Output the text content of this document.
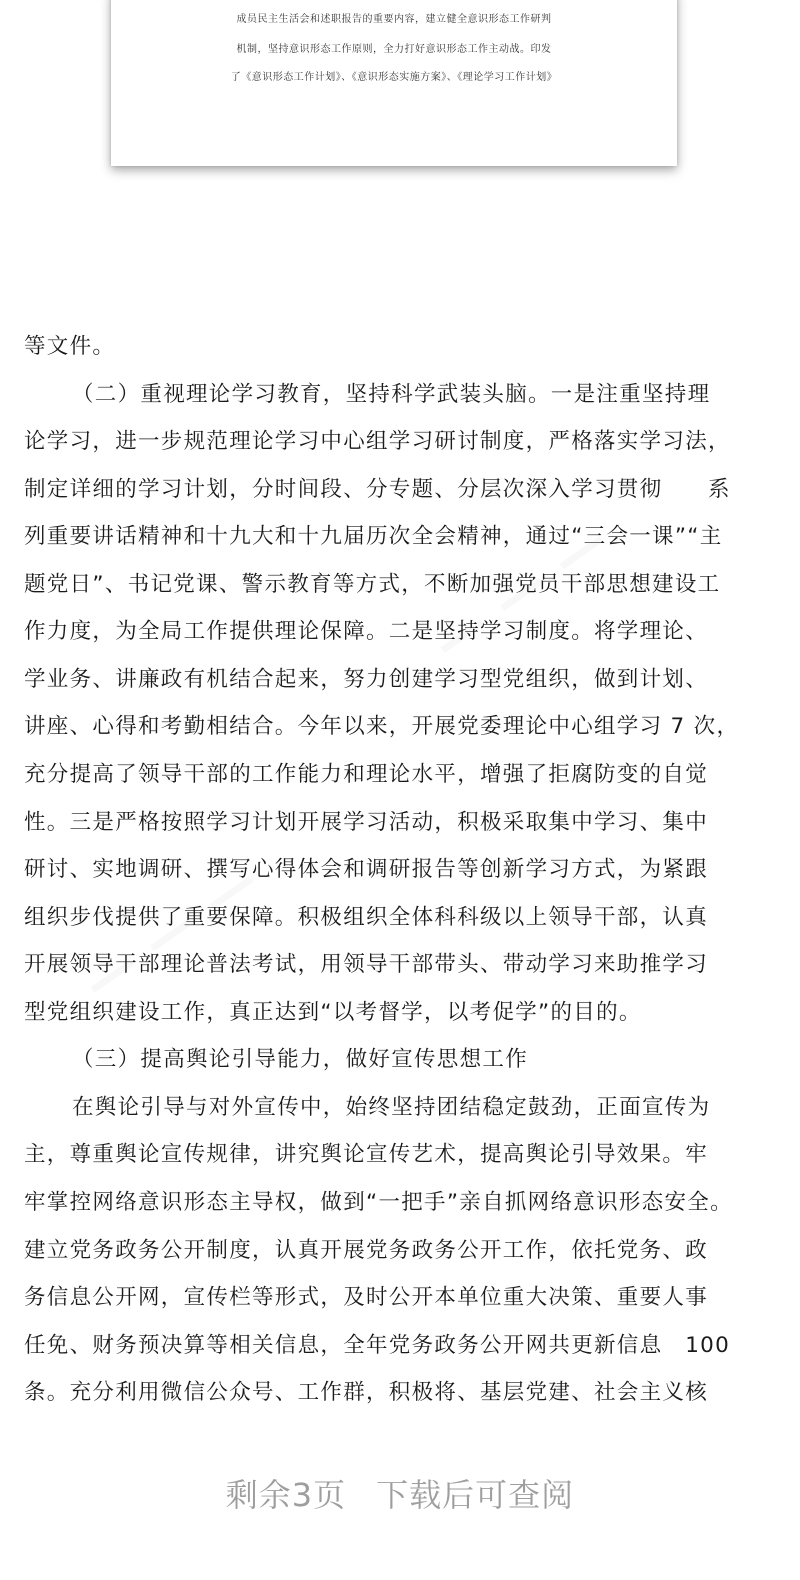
成员民主生活会和述职报告的重要内容，建立健全意识形态工作研判
机制，坚持意识形态工作原则，全力打好意识形态工作主动战。印发
了《意识形态工作计划》、《意识形态实施方案》、《理论学习工作计划》
— — —
— — —
等文件。
（二）重视理论学习教育，坚持科学武装头脑。一是注重坚持理
论学习，进一步规范理论学习中心组学习研讨制度，严格落实学习法，
制定详细的学习计划，分时间段、分专题、分层次深入学习贯彻　　系
列重要讲话精神和十九大和十九届历次全会精神，通过“三会一课”“主
题党日”、书记党课、警示教育等方式，不断加强党员干部思想建设工
作力度，为全局工作提供理论保障。二是坚持学习制度。将学理论、
学业务、讲廉政有机结合起来，努力创建学习型党组织，做到计划、
讲座、心得和考勤相结合。今年以来，开展党委理论中心组学习 7 次，
充分提高了领导干部的工作能力和理论水平，增强了拒腐防变的自觉
性。三是严格按照学习计划开展学习活动，积极采取集中学习、集中
研讨、实地调研、撰写心得体会和调研报告等创新学习方式，为紧跟
组织步伐提供了重要保障。积极组织全体科科级以上领导干部，认真
开展领导干部理论普法考试，用领导干部带头、带动学习来助推学习
型党组织建设工作，真正达到“以考督学，以考促学”的目的。
（三）提高舆论引导能力，做好宣传思想工作
在舆论引导与对外宣传中，始终坚持团结稳定鼓劲，正面宣传为
主，尊重舆论宣传规律，讲究舆论宣传艺术，提高舆论引导效果。牢
牢掌控网络意识形态主导权，做到“一把手”亲自抓网络意识形态安全。
建立党务政务公开制度，认真开展党务政务公开工作，依托党务、政
务信息公开网，宣传栏等形式，及时公开本单位重大决策、重要人事
任免、财务预决算等相关信息，全年党务政务公开网共更新信息　100
条。充分利用微信公众号、工作群，积极将、基层党建、社会主义核
剩余3页 下载后可查阅
